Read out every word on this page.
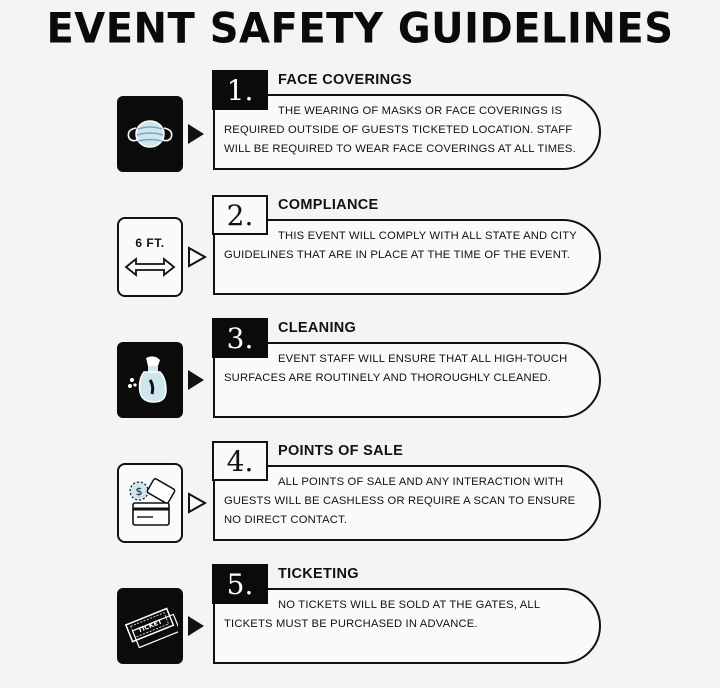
EVENT SAFETY GUIDELINES
1.	FACE COVERINGS
THE WEARING OF MASKS OR FACE COVERINGS IS REQUIRED OUTSIDE OF GUESTS TICKETED LOCATION. STAFF WILL BE REQUIRED TO WEAR FACE COVERINGS AT ALL TIMES.
6 FT.
2.	COMPLIANCE
THIS EVENT WILL COMPLY WITH ALL STATE AND CITY GUIDELINES THAT ARE IN PLACE AT THE TIME OF THE EVENT.
3.	CLEANING
EVENT STAFF WILL ENSURE THAT ALL HIGH-TOUCH SURFACES ARE ROUTINELY AND THOROUGHLY CLEANED.
$
4.	POINTS OF SALE
ALL POINTS OF SALE AND ANY INTERACTION WITH GUESTS WILL BE CASHLESS OR REQUIRE A SCAN TO ENSURE NO DIRECT CONTACT.
TICKET
5.	TICKETING
NO TICKETS WILL BE SOLD AT THE GATES, ALL TICKETS MUST BE PURCHASED IN ADVANCE.
